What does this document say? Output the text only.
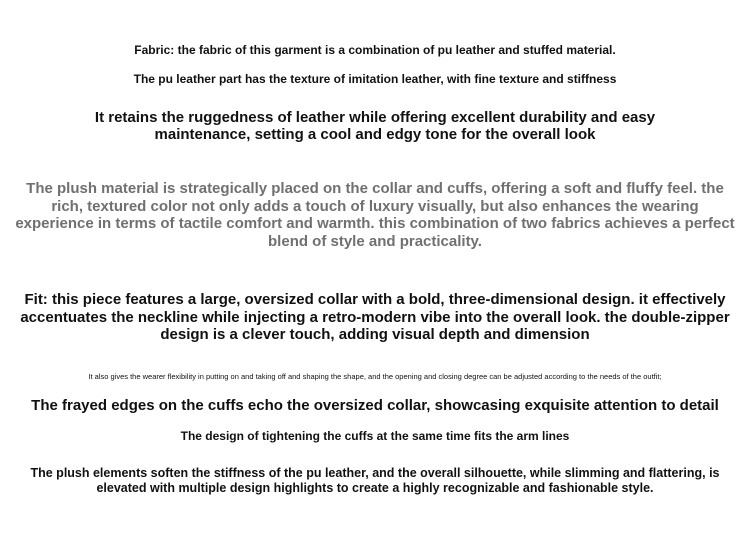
Fabric: the fabric of this garment is a combination of pu leather and stuffed material.

The pu leather part has the texture of imitation leather, with fine texture and stiffness

It retains the ruggedness of leather while offering excellent durability and easy maintenance, setting a cool and edgy tone for the overall look

The plush material is strategically placed on the collar and cuffs, offering a soft and fluffy feel. the rich, textured color not only adds a touch of luxury visually, but also enhances the wearing experience in terms of tactile comfort and warmth. this combination of two fabrics achieves a perfect blend of style and practicality.

Fit: this piece features a large, oversized collar with a bold, three-dimensional design. it effectively accentuates the neckline while injecting a retro-modern vibe into the overall look. the double-zipper design is a clever touch, adding visual depth and dimension

It also gives the wearer flexibility in putting on and taking off and shaping the shape, and the opening and closing degree can be adjusted according to the needs of the outfit;

The frayed edges on the cuffs echo the oversized collar, showcasing exquisite attention to detail

The design of tightening the cuffs at the same time fits the arm lines

The plush elements soften the stiffness of the pu leather, and the overall silhouette, while slimming and flattering, is elevated with multiple design highlights to create a highly recognizable and fashionable style.
